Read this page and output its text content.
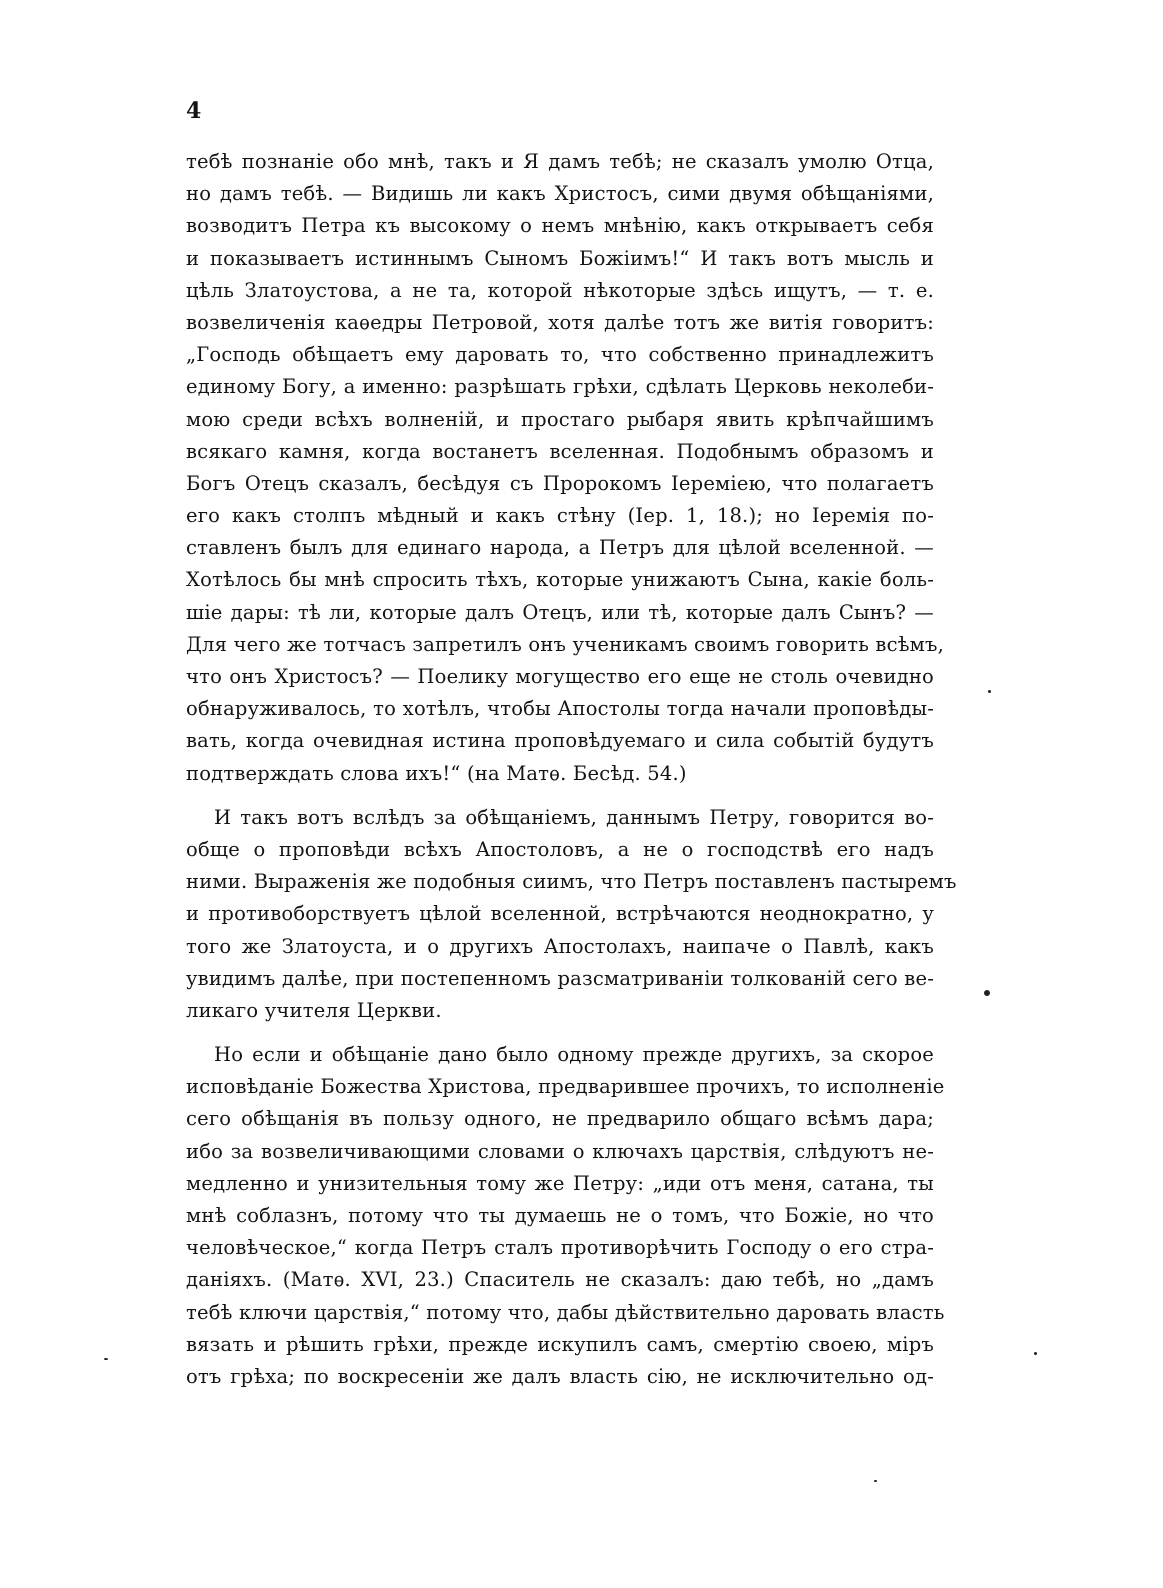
4
тебѣ познаніе обо мнѣ, такъ и Я дамъ тебѣ; не сказалъ умолю Отца,
но дамъ тебѣ. — Видишь ли какъ Христосъ, сими двумя обѣщаніями,
возводитъ Петра къ высокому о немъ мнѣнію, какъ открываетъ себя
и показываетъ истиннымъ Сыномъ Божіимъ!“ И такъ вотъ мысль и
цѣль Златоустова, а не та, которой нѣкоторые здѣсь ищутъ, — т. е.
возвеличенія каѳедры Петровой, хотя далѣе тотъ же витія говоритъ:
„Господь обѣщаетъ ему даровать то, что собственно принадлежитъ
единому Богу, а именно: разрѣшать грѣхи, сдѣлать Церковь неколеби-
мою среди всѣхъ волненій, и простаго рыбаря явить крѣпчайшимъ
всякаго камня, когда востанетъ вселенная. Подобнымъ образомъ и
Богъ Отецъ сказалъ, бесѣдуя съ Пророкомъ Іереміею, что полагаетъ
его какъ столпъ мѣдный и какъ стѣну (Іер. 1, 18.); но Іеремія по-
ставленъ былъ для единаго народа, а Петръ для цѣлой вселенной. —
Хотѣлось бы мнѣ спросить тѣхъ, которые унижаютъ Сына, какіе боль-
шіе дары: тѣ ли, которые далъ Отецъ, или тѣ, которые далъ Сынъ? —
Для чего же тотчасъ запретилъ онъ ученикамъ своимъ говорить всѣмъ,
что онъ Христосъ? — Поелику могущество его еще не столь очевидно
обнаруживалось, то хотѣлъ, чтобы Апостолы тогда начали проповѣды-
вать, когда очевидная истина проповѣдуемаго и сила событій будутъ
подтверждать слова ихъ!“ (на Матѳ. Бесѣд. 54.)
И такъ вотъ вслѣдъ за обѣщаніемъ, даннымъ Петру, говорится во-
обще о проповѣди всѣхъ Апостоловъ, а не о господствѣ его надъ
ними. Выраженія же подобныя сиимъ, что Петръ поставленъ пастыремъ
и противоборствуетъ цѣлой вселенной, встрѣчаются неоднократно, у
того же Златоуста, и о другихъ Апостолахъ, наипаче о Павлѣ, какъ
увидимъ далѣе, при постепенномъ разсматриваніи толкованій сего ве-
ликаго учителя Церкви.
Но если и обѣщаніе дано было одному прежде другихъ, за скорое
исповѣданіе Божества Христова, предварившее прочихъ, то исполненіе
сего обѣщанія въ пользу одного, не предварило общаго всѣмъ дара;
ибо за возвеличивающими словами о ключахъ царствія, слѣдуютъ не-
медленно и унизительныя тому же Петру: „иди отъ меня, сатана, ты
мнѣ соблазнъ, потому что ты думаешь не о томъ, что Божіе, но что
человѣческое,“ когда Петръ сталъ противорѣчить Господу о его стра-
даніяхъ. (Матѳ. XVI, 23.) Спаситель не сказалъ: даю тебѣ, но „дамъ
тебѣ ключи царствія,“ потому что, дабы дѣйствительно даровать власть
вязать и рѣшить грѣхи, прежде искупилъ самъ, смертію своею, міръ
отъ грѣха; по воскресеніи же далъ власть сію, не исключительно од-
